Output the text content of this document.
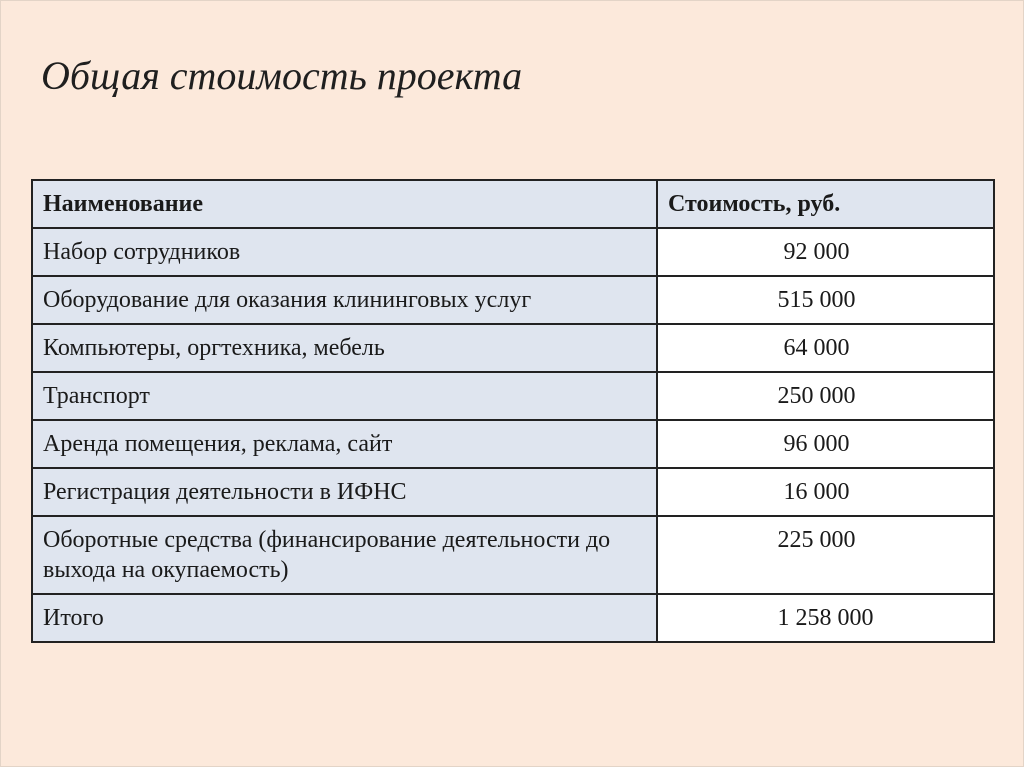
Общая стоимость проекта
Наименование	Стоимость, руб.
Набор сотрудников	92 000
Оборудование для оказания клининговых услуг	515 000
Компьютеры, оргтехника, мебель	64 000
Транспорт	250 000
Аренда помещения, реклама, сайт	96 000
Регистрация деятельности в ИФНС	16 000
Оборотные средства (финансирование деятельности до выхода на окупаемость)	225 000
Итого	1 258 000
